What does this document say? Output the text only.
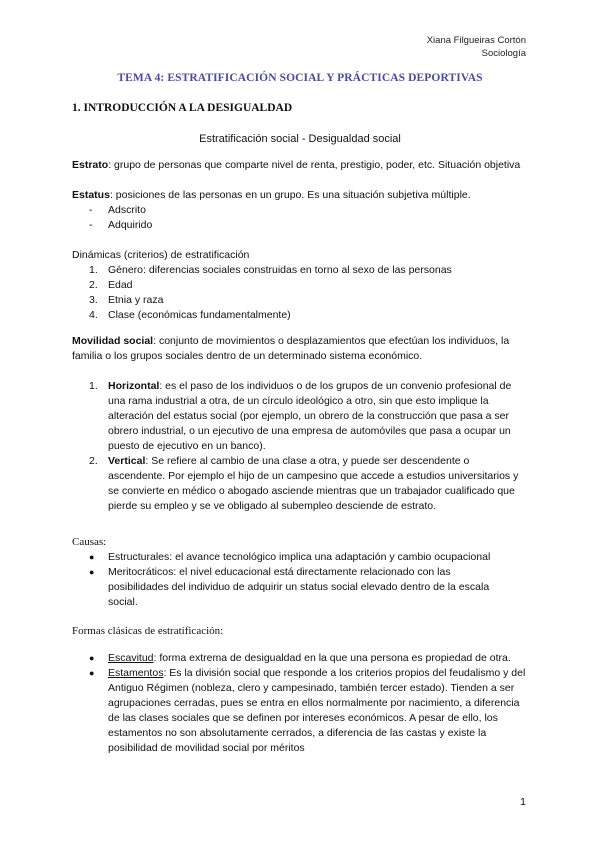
Xiana Filgueiras Cortón
Sociología
TEMA 4: ESTRATIFICACIÓN SOCIAL Y PRÁCTICAS DEPORTIVAS
1. INTRODUCCIÓN A LA DESIGUALDAD
Estratificación social - Desigualdad social
Estrato: grupo de personas que comparte nivel de renta, prestigio, poder, etc. Situación objetiva
Estatus: posiciones de las personas en un grupo. Es una situación subjetiva múltiple.
- Adscrito
- Adquirido
Dinámicas (criterios) de estratificación
1. Género: diferencias sociales construidas en torno al sexo de las personas
2. Edad
3. Etnia y raza
4. Clase (económicas fundamentalmente)
Movilidad social: conjunto de movimientos o desplazamientos que efectúan los individuos, la familia o los grupos sociales dentro de un determinado sistema económico.
1. Horizontal: es el paso de los individuos o de los grupos de un convenio profesional de una rama industrial a otra, de un círculo ideológico a otro, sin que esto implique la alteración del estatus social (por ejemplo, un obrero de la construcción que pasa a ser obrero industrial, o un ejecutivo de una empresa de automóviles que pasa a ocupar un puesto de ejecutivo en un banco).
2. Vertical: Se refiere al cambio de una clase a otra, y puede ser descendente o ascendente. Por ejemplo el hijo de un campesino que accede a estudios universitarios y se convierte en médico o abogado asciende mientras que un trabajador cualificado que pierde su empleo y se ve obligado al subempleo desciende de estrato.
Causas:
● Estructurales: el avance tecnológico implica una adaptación y cambio ocupacional
● Meritocráticos: el nivel educacional está directamente relacionado con las posibilidades del individuo de adquirir un status social elevado dentro de la escala social.
Formas clásicas de estratificación:
● Escavitud: forma extrema de desigualdad en la que una persona es propiedad de otra.
● Estamentos: Es la división social que responde a los criterios propios del feudalismo y del Antiguo Régimen (nobleza, clero y campesinado, también tercer estado). Tienden a ser agrupaciones cerradas, pues se entra en ellos normalmente por nacimiento, a diferencia de las clases sociales que se definen por intereses económicos. A pesar de ello, los estamentos no son absolutamente cerrados, a diferencia de las castas y existe la posibilidad de movilidad social por méritos
1
